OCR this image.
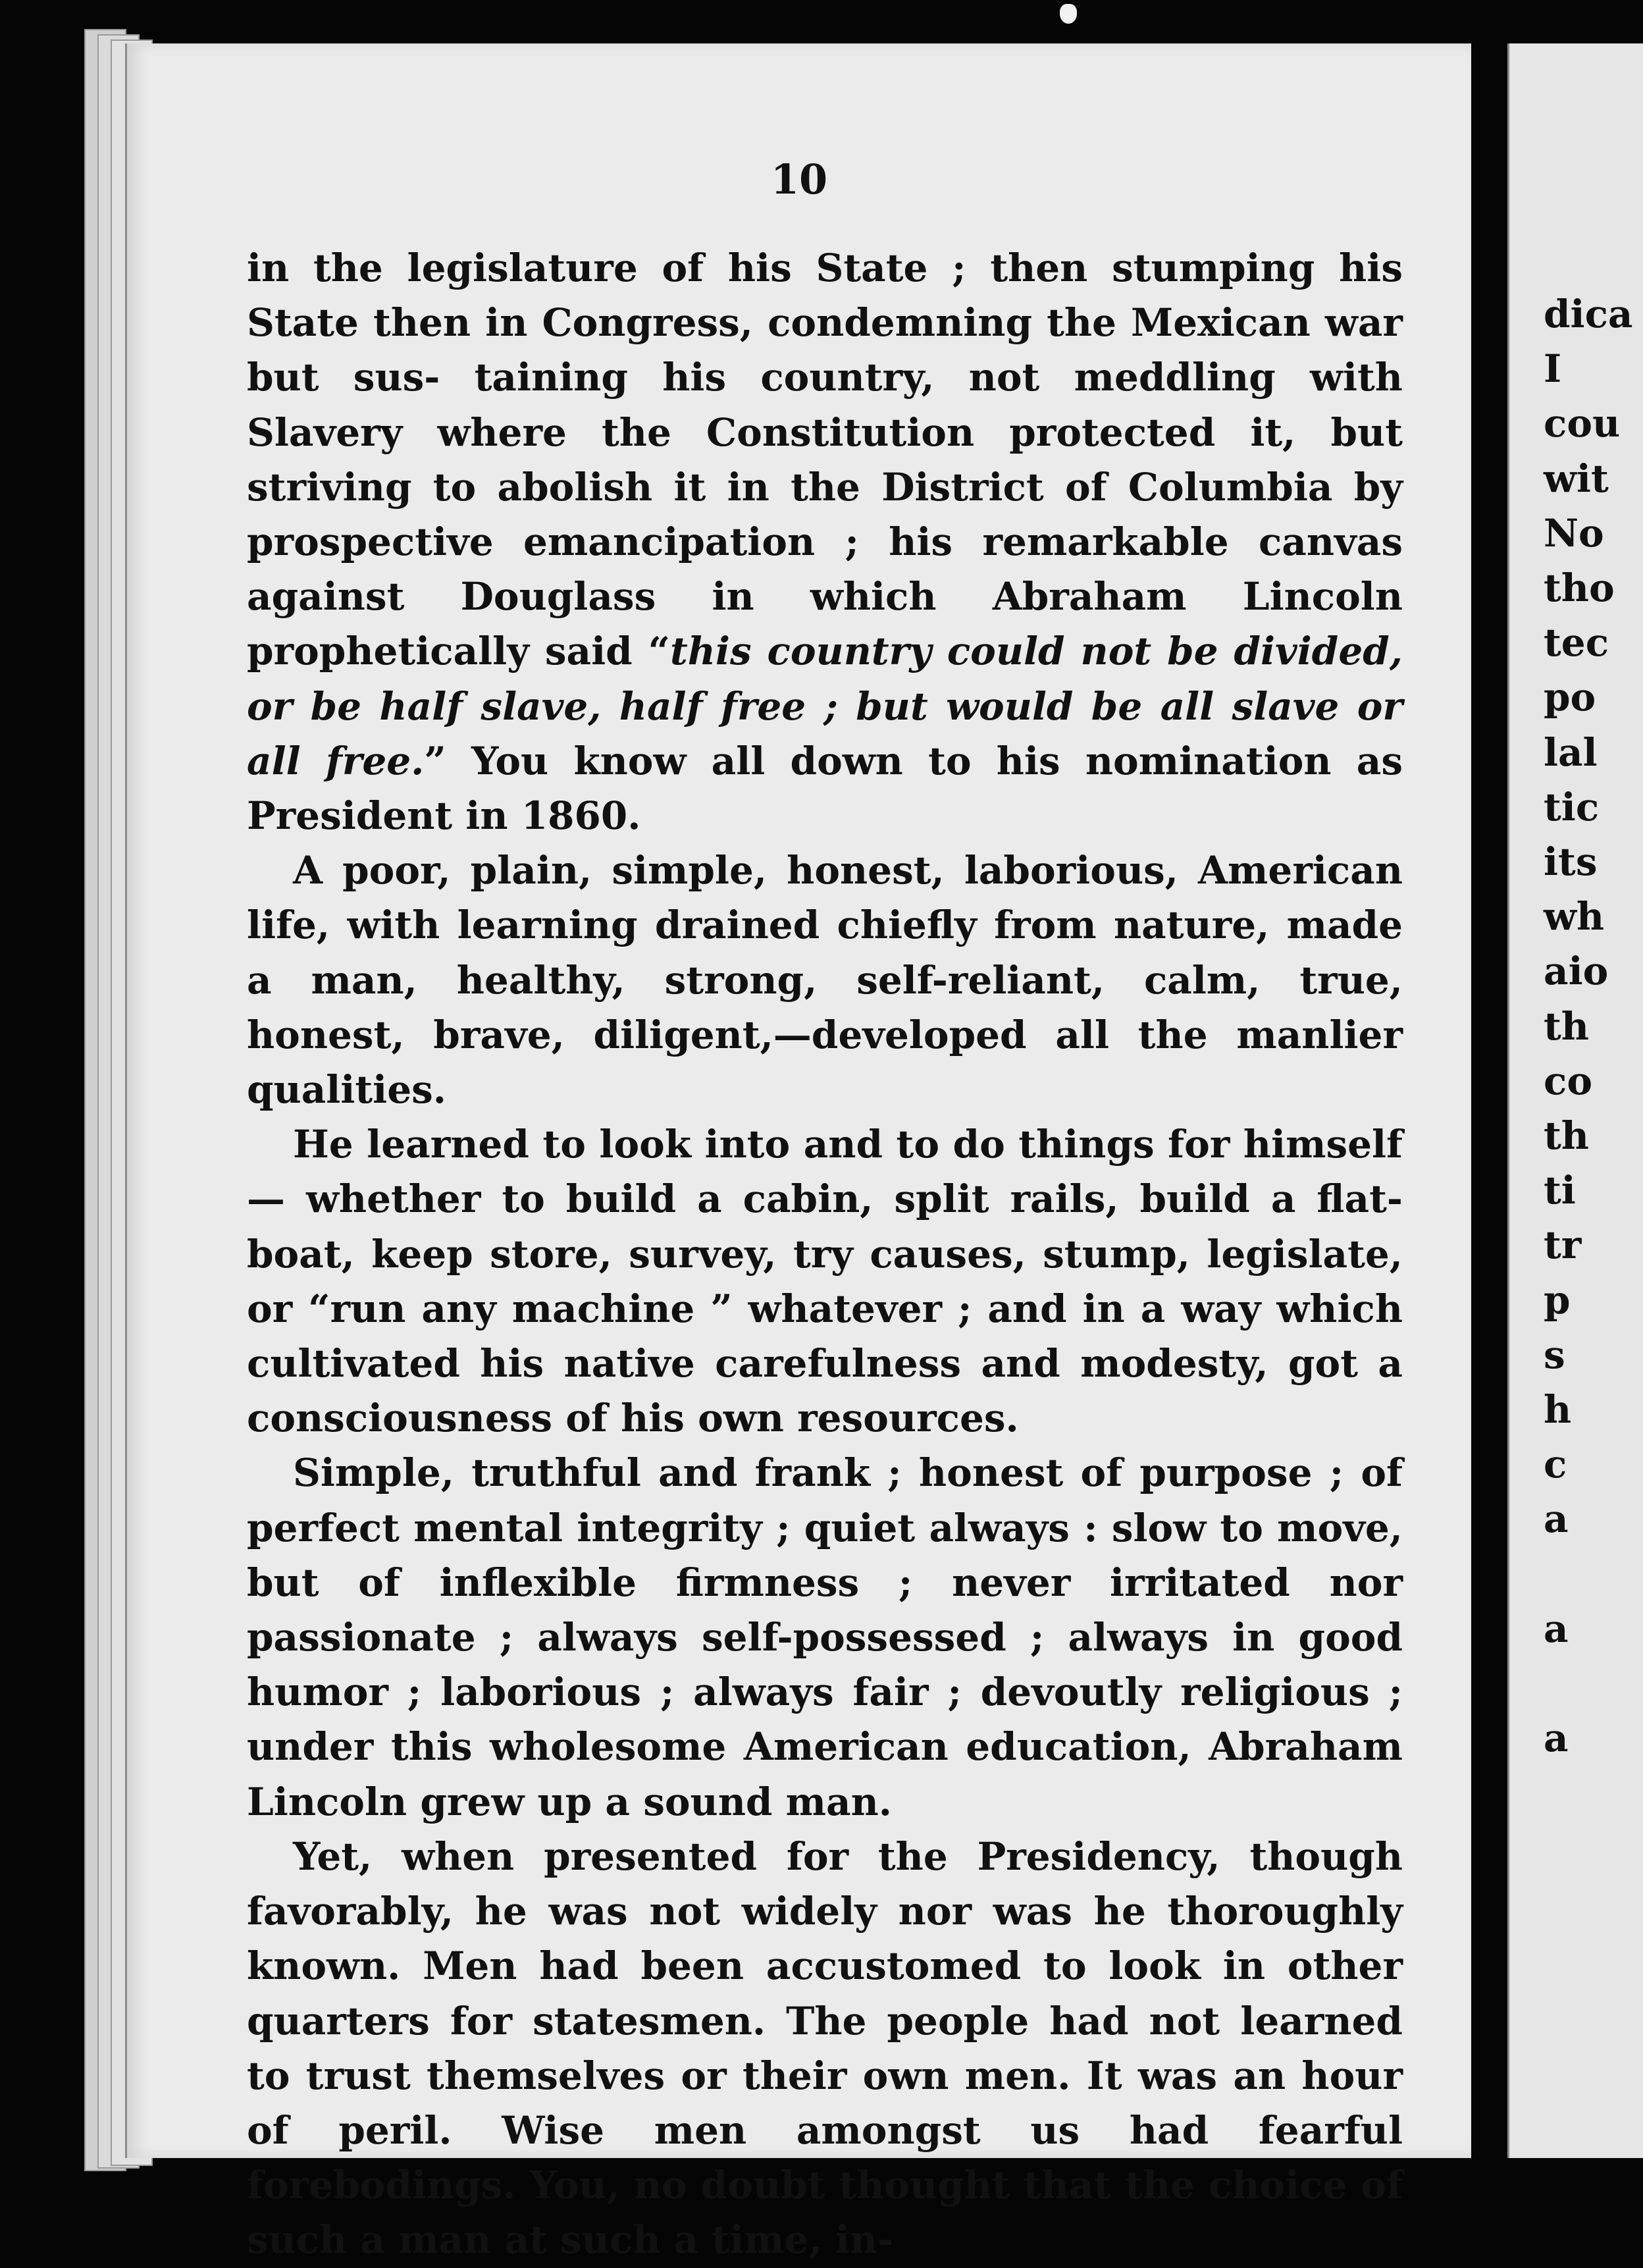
10

in the legislature of his State ; then stumping his State then in Congress, condemning the Mexican war but sus- taining his country, not meddling with Slavery where the Constitution protected it, but striving to abolish it in the District of Columbia by prospective emancipation ; his remarkable canvas against Douglass in which Abraham Lincoln prophetically said “this country could not be divided, or be half slave, half free ; but would be all slave or all free.” You know all down to his nomination as President in 1860.

A poor, plain, simple, honest, laborious, American life, with learning drained chiefly from nature, made a man, healthy, strong, self-reliant, calm, true, honest, brave, diligent,—developed all the manlier qualities.

He learned to look into and to do things for himself— whether to build a cabin, split rails, build a flat-boat, keep store, survey, try causes, stump, legislate, or “run any machine ” whatever ; and in a way which cultivated his native carefulness and modesty, got a consciousness of his own resources.

Simple, truthful and frank ; honest of purpose ; of perfect mental integrity ; quiet always : slow to move, but of inflexible firmness ; never irritated nor passionate ; always self-possessed ; always in good humor ; laborious ; always fair ; devoutly religious ; under this wholesome American education, Abraham Lincoln grew up a sound man.

Yet, when presented for the Presidency, though favorably, he was not widely nor was he thoroughly known. Men had been accustomed to look in other quarters for statesmen. The people had not learned to trust themselves or their own men. It was an hour of peril. Wise men amongst us had fearful forebodings. You, no doubt thought that the choice of such a man at such a time, in-

dica
I
cou
wit
No
tho
tec
po
lal
tic
its
wh
aio
th
co
th
ti
tr
p
s
h
c
a

a

a
